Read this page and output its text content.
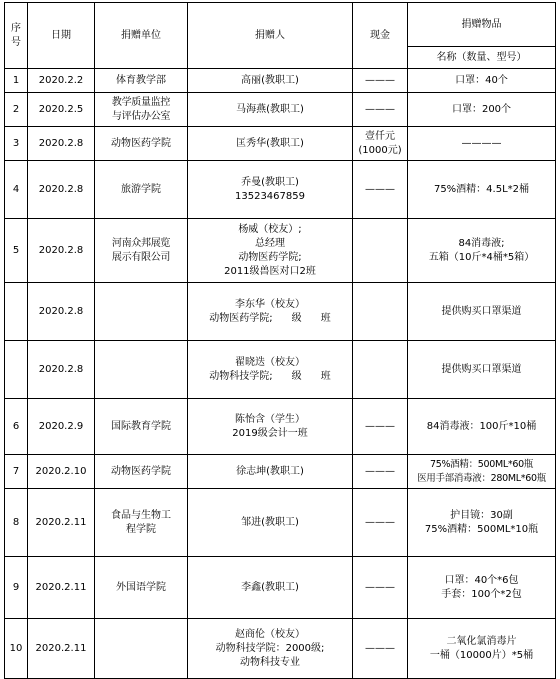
序
号	日期	捐赠单位	捐赠人	现金	捐赠物品
					名称（数量、型号）
1	2020.2.2	体育教学部	高丽(教职工)	———	口罩：40个
2	2020.2.5	教学质量监控
与评估办公室	马海燕(教职工)	———	口罩：200个
3	2020.2.8	动物医药学院	匡秀华(教职工)	壹仟元
(1000元)	————
4	2020.2.8	旅游学院	乔曼(教职工)
13523467859	———	75%酒精：4.5L*2桶
5	2020.2.8	河南众邦展览
展示有限公司	杨威（校友）;
总经理
动物医药学院;
2011级兽医对口2班		84消毒液;
五箱（10斤*4桶*5箱）
	2020.2.8		李东华（校友）
动物医药学院;      级      班		提供购买口罩渠道
	2020.2.8		翟晓迭（校友）
动物科技学院;      级      班		提供购买口罩渠道
6	2020.2.9	国际教育学院	陈怡含（学生）
2019级会计一班	———	84消毒液：100斤*10桶
7	2020.2.10	动物医药学院	徐志坤(教职工)	———	75%酒精：500ML*60瓶
医用手部消毒液：280ML*60瓶
8	2020.2.11	食品与生物工
程学院	邹进(教职工)	———	护目镜：30副
75%酒精：500ML*10瓶
9	2020.2.11	外国语学院	李鑫(教职工)	———	口罩：40个*6包
手套：100个*2包
10	2020.2.11		赵商伦（校友）
动物科技学院：2000级;
动物科技专业	———	二氧化氯消毒片
一桶（10000片）*5桶
